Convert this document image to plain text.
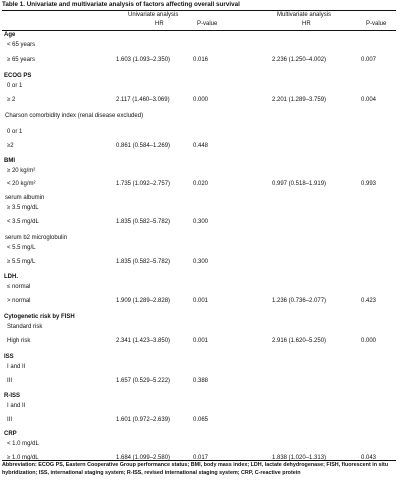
Table 1. Univariate and multivariate analysis of factors affecting overall survival
Univariate analysis	Multivariate analysis
HR	P-value	HR	P-value
Age
< 65 years
≥ 65 years	1.603 (1.093–2.350)	0.016	2.236 (1.250–4.002)	0.007
ECOG PS
0 or 1
≥ 2	2.117 (1.460–3.069)	0.000	2.201 (1.289–3.759)	0.004
Charson comorbidity index (renal disease excluded)
0 or 1
≥2	0.861 (0.584–1.269)	0.448
BMI
≥ 20 kg/m²
< 20 kg/m²	1.735 (1.092–2.757)	0.020	0.997 (0.518–1.919)	0.993
serum albumin
≥ 3.5 mg/dL
< 3.5 mg/dL	1.835 (0.582–5.782)	0.300
serum b2 microglobulin
< 5.5 mg/L
≥ 5.5 mg/L	1.835 (0.582–5.782)	0.300
LDH.
≤ normal
> normal	1.909 (1.289–2.828)	0.001	1.236 (0.736–2.077)	0.423
Cytogenetic risk by FISH
Standard risk
High risk	2.341 (1.423–3.850)	0.001	2.916 (1.620–5.250)	0.000
ISS
I and II
III	1.657 (0.529–5.222)	0.388
R-ISS
I and II
III	1.601 (0.972–2.639)	0.065
CRP
< 1.0 mg/dL
≥ 1.0 mg/dL	1.684 (1.099–2.580)	0.017	1.838 (1.020–1.313)	0.043
Abbreviation: ECOG PS, Eastern Cooperative Group performance status; BMI, body mass index; LDH, lactate dehydrogenase; FISH, fluorescent in situ hybridization; ISS, international staging system; R-ISS, revised international staging system; CRP, C-reactive protein
